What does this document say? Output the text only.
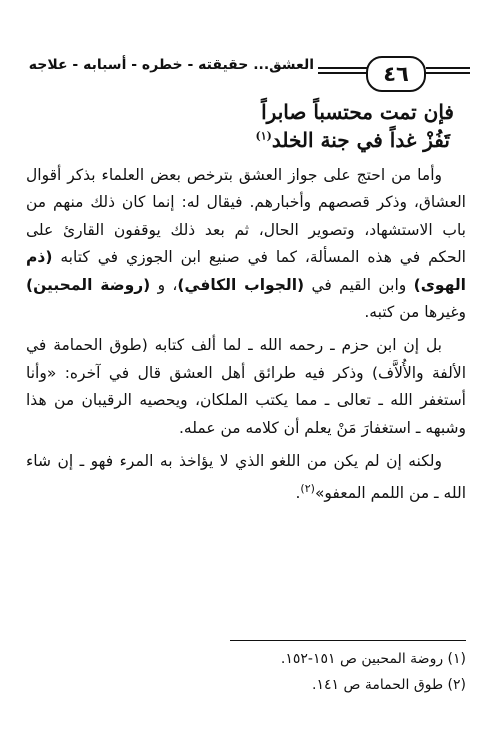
٤٦
العشق... حقيقته - خطره - أسبابه - علاجه
فإن تمت محتسباً صابراً
تَفُزْ غداً في جنة الخلد$^{(١)}$

وأما من احتج على جواز العشق بترخص بعض العلماء بذكر أقوال العشاق، وذكر قصصهم وأخبارهم. فيقال له: إنما كان ذلك منهم من باب الاستشهاد، وتصوير الحال، ثم بعد ذلك يوقفون القارئ على الحكم في هذه المسألة، كما في صنيع ابن الجوزي في كتابه (ذم الهوى) وابن القيم في (الجواب الكافي)، و (روضة المحبين) وغيرها من كتبه.

بل إن ابن حزم ـ رحمه الله ـ لما ألف كتابه (طوق الحمامة في الألفة والأُلاَّف) وذكر فيه طرائق أهل العشق قال في آخره: «وأنا أستغفر الله ـ تعالى ـ مما يكتب الملكان، ويحصيه الرقيبان من هذا وشبهه ـ استغفارَ مَنْ يعلم أن كلامه من عمله.

ولكنه إن لم يكن من اللغو الذي لا يؤاخذ به المرء فهو ـ إن شاء الله ـ من اللمم المعفو»$^{(٢)}$.

(١) روضة المحبين ص ١٥١-١٥٢.
(٢) طوق الحمامة ص ١٤١.
